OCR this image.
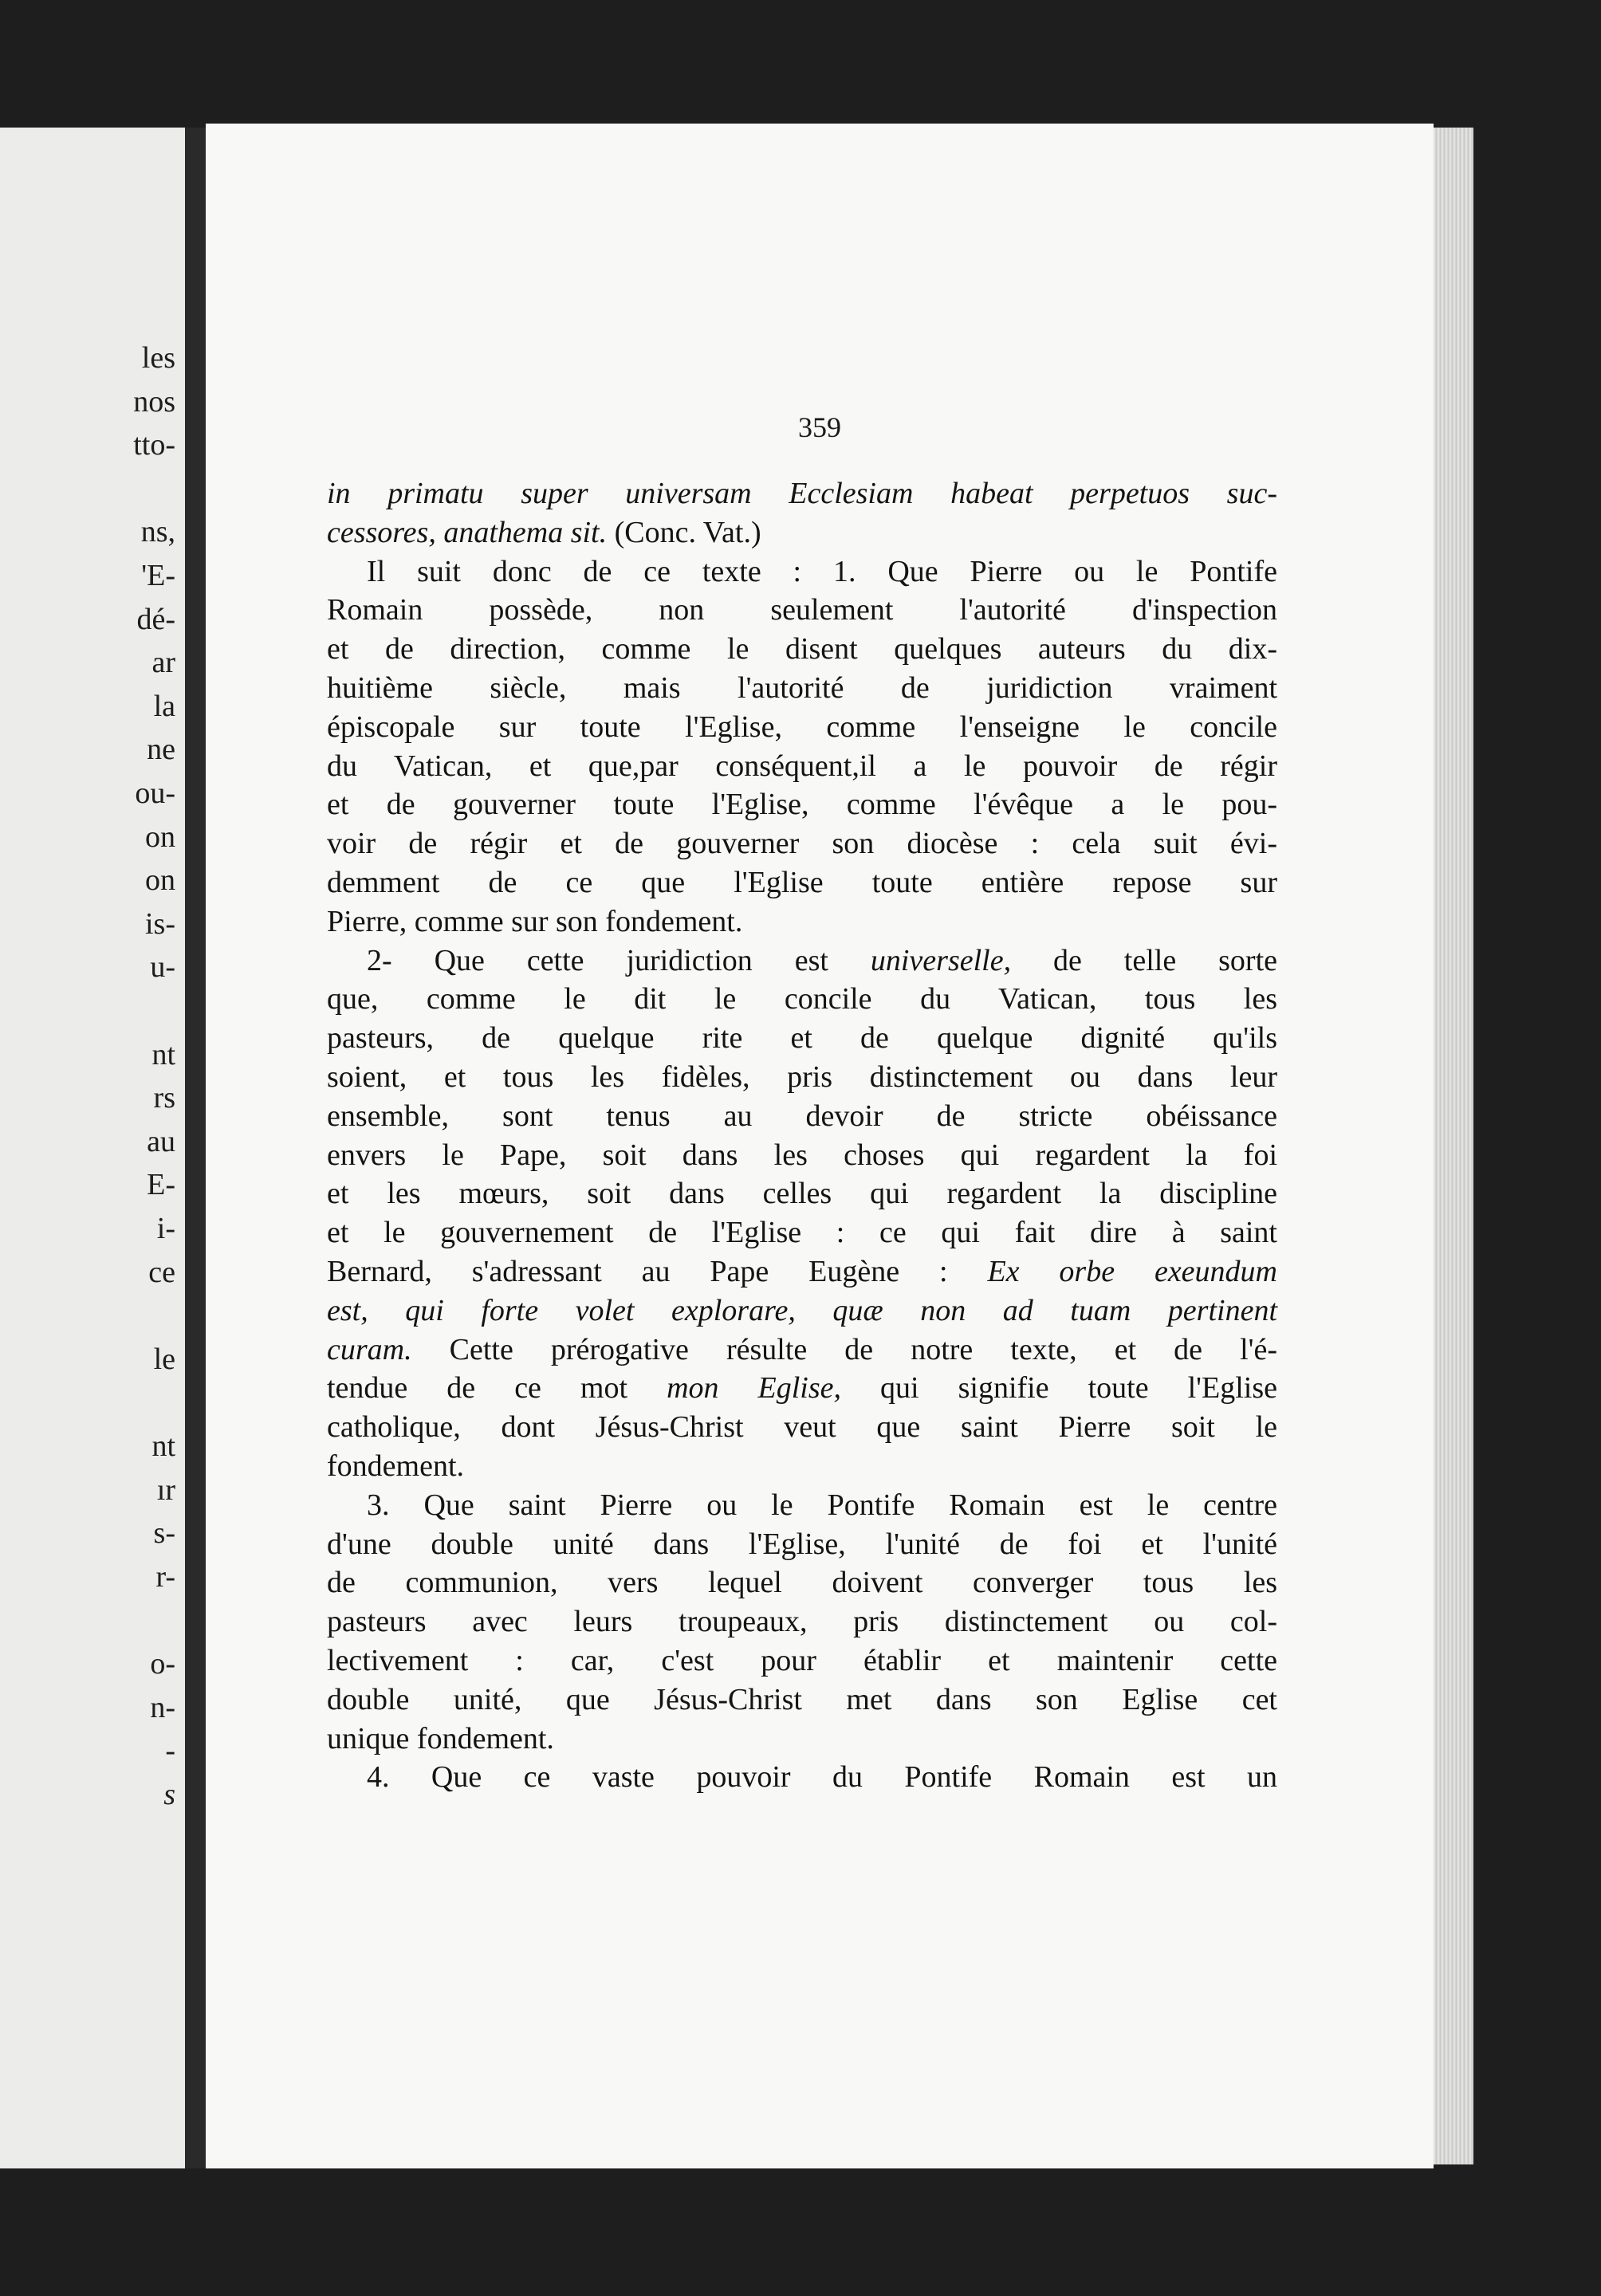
les
nos
tto-
ns,
'E-
dé-
ar
la
ne
ou-
on
on
is-
u-
nt
rs
au
E-
i-
ce
le
nt
ır
s-
r-
o-
n-
-
s
359
in primatu super universam Ecclesiam habeat perpetuos suc-
cessores, anathema sit. (Conc. Vat.)
Il suit donc de ce texte : 1. Que Pierre ou le Pontife
Romain possède, non seulement l'autorité d'inspection
et de direction, comme le disent quelques auteurs du dix-
huitième siècle, mais l'autorité de juridiction vraiment
épiscopale sur toute l'Eglise, comme l'enseigne le concile
du Vatican, et que,par conséquent,il a le pouvoir de régir
et de gouverner toute l'Eglise, comme l'évêque a le pou-
voir de régir et de gouverner son diocèse : cela suit évi-
demment de ce que l'Eglise toute entière repose sur
Pierre, comme sur son fondement.
2- Que cette juridiction est universelle, de telle sorte
que, comme le dit le concile du Vatican, tous les
pasteurs, de quelque rite et de quelque dignité qu'ils
soient, et tous les fidèles, pris distinctement ou dans leur
ensemble, sont tenus au devoir de stricte obéissance
envers le Pape, soit dans les choses qui regardent la foi
et les mœurs, soit dans celles qui regardent la discipline
et le gouvernement de l'Eglise : ce qui fait dire à saint
Bernard, s'adressant au Pape Eugène : Ex orbe exeundum
est, qui forte volet explorare, quæ non ad tuam pertinent
curam. Cette prérogative résulte de notre texte, et de l'é-
tendue de ce mot mon Eglise, qui signifie toute l'Eglise
catholique, dont Jésus-Christ veut que saint Pierre soit le
fondement.
3. Que saint Pierre ou le Pontife Romain est le centre
d'une double unité dans l'Eglise, l'unité de foi et l'unité
de communion, vers lequel doivent converger tous les
pasteurs avec leurs troupeaux, pris distinctement ou col-
lectivement : car, c'est pour établir et maintenir cette
double unité, que Jésus-Christ met dans son Eglise cet
unique fondement.
4. Que ce vaste pouvoir du Pontife Romain est un
